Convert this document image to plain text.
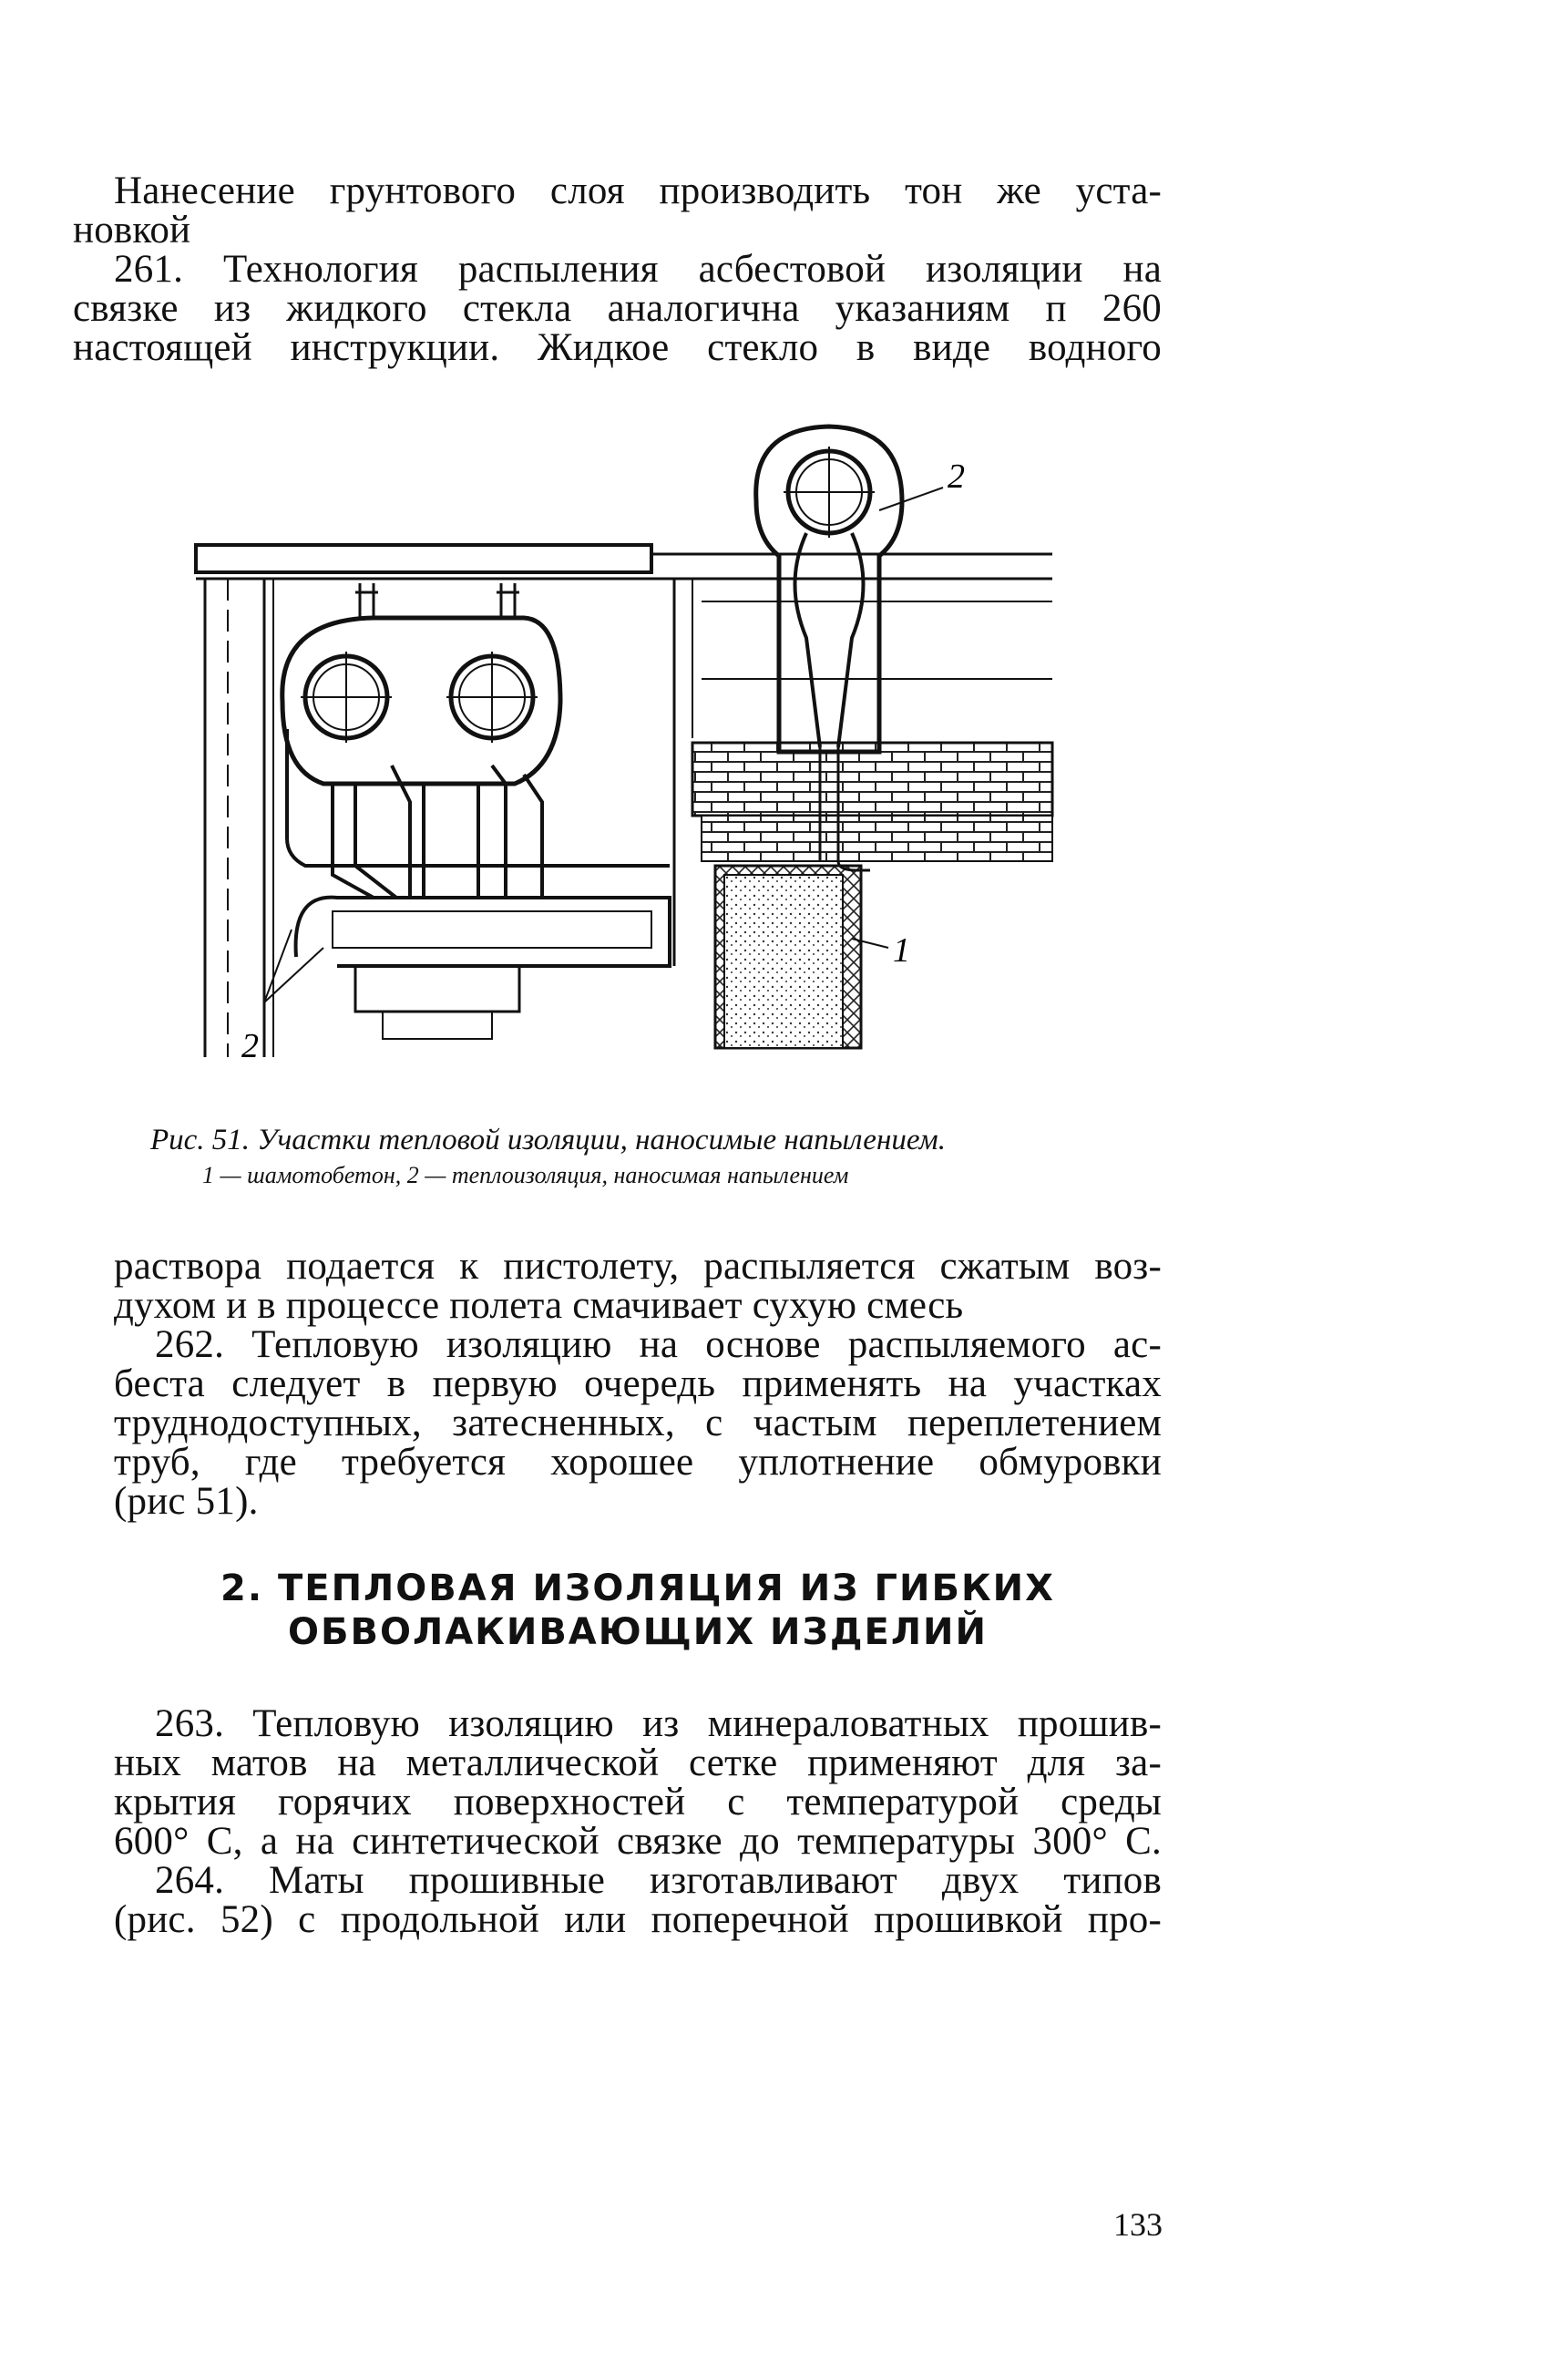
Нанесение грунтового слоя производить тон же уста-
новкой
261. Технология распыления асбестовой изоляции на
связке из жидкого стекла аналогична указаниям п 260
настоящей инструкции. Жидкое стекло в виде водного
2
1
2
Рис. 51. Участки тепловой изоляции, наносимые напылением.
1 — шамотобетон, 2 — теплоизоляция, наносимая напылением
раствора подается к пистолету, распыляется сжатым воз-
духом и в процессе полета смачивает сухую смесь
262. Тепловую изоляцию на основе распыляемого ас-
беста следует в первую очередь применять на участках
труднодоступных, затесненных, с частым переплетением
труб, где требуется хорошее уплотнение обмуровки
(рис 51).
2. ТЕПЛОВАЯ ИЗОЛЯЦИЯ ИЗ ГИБКИХ
ОБВОЛАКИВАЮЩИХ ИЗДЕЛИЙ
263. Тепловую изоляцию из минераловатных прошив-
ных матов на металлической сетке применяют для за-
крытия горячих поверхностей с температурой среды
600° С, а на синтетической связке до температуры 300° С.
264. Маты прошивные изготавливают двух типов
(рис. 52) с продольной или поперечной прошивкой про-
133
